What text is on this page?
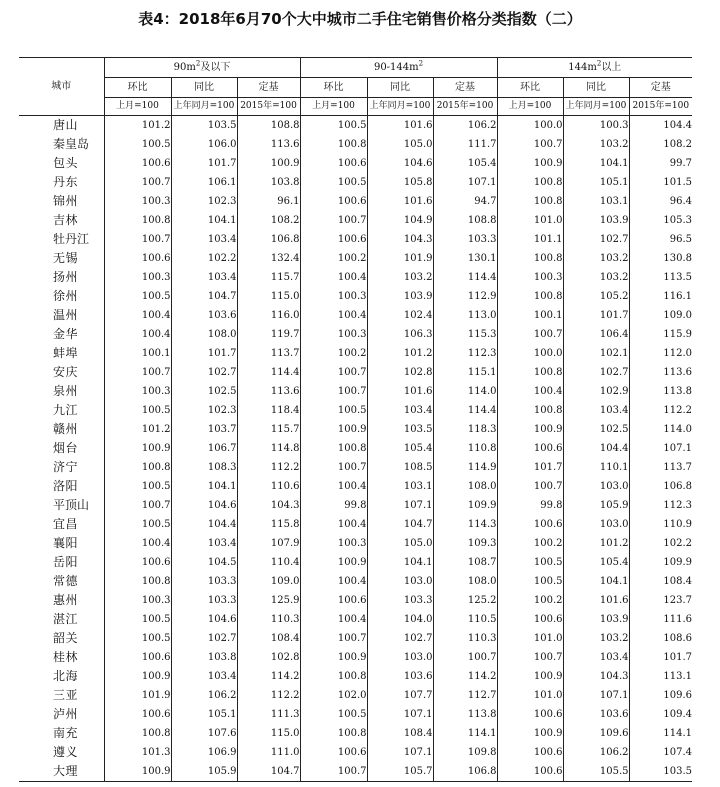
表4：2018年6月70个大中城市二手住宅销售价格分类指数（二）
城市	$90m^2$及以下			$90-144m^2$			$144m^2$以上		
	环比	同比	定基	环比	同比	定基	环比	同比	定基
	上月=100	上年同月=100	2015年=100	上月=100	上年同月=100	2015年=100	上月=100	上年同月=100	2015年=100
唐山	101.2	103.5	108.8	100.5	101.6	106.2	100.0	100.3	104.4
秦皇岛	100.5	106.0	113.6	100.8	105.0	111.7	100.7	103.2	108.2
包头	100.6	101.7	100.9	100.6	104.6	105.4	100.9	104.1	99.7
丹东	100.7	106.1	103.8	100.5	105.8	107.1	100.8	105.1	101.5
锦州	100.3	102.3	96.1	100.6	101.6	94.7	100.8	103.1	96.4
吉林	100.8	104.1	108.2	100.7	104.9	108.8	101.0	103.9	105.3
牡丹江	100.7	103.4	106.8	100.6	104.3	103.3	101.1	102.7	96.5
无锡	100.6	102.2	132.4	100.2	101.9	130.1	100.8	103.2	130.8
扬州	100.3	103.4	115.7	100.4	103.2	114.4	100.3	103.2	113.5
徐州	100.5	104.7	115.0	100.3	103.9	112.9	100.8	105.2	116.1
温州	100.4	103.6	116.0	100.4	102.4	113.0	100.1	101.7	109.0
金华	100.4	108.0	119.7	100.3	106.3	115.3	100.7	106.4	115.9
蚌埠	100.1	101.7	113.7	100.2	101.2	112.3	100.0	102.1	112.0
安庆	100.7	102.7	114.4	100.7	102.8	115.1	100.8	102.7	113.6
泉州	100.3	102.5	113.6	100.7	101.6	114.0	100.4	102.9	113.8
九江	100.5	102.3	118.4	100.5	103.4	114.4	100.8	103.4	112.2
赣州	101.2	103.7	115.7	100.9	103.5	118.3	100.9	102.5	114.0
烟台	100.9	106.7	114.8	100.8	105.4	110.8	100.6	104.4	107.1
济宁	100.8	108.3	112.2	100.7	108.5	114.9	101.7	110.1	113.7
洛阳	100.5	104.1	110.6	100.4	103.1	108.0	100.7	103.0	106.8
平顶山	100.7	104.6	104.3	99.8	107.1	109.9	99.8	105.9	112.3
宜昌	100.5	104.4	115.8	100.4	104.7	114.3	100.6	103.0	110.9
襄阳	100.4	103.4	107.9	100.3	105.0	109.3	100.2	101.2	102.2
岳阳	100.6	104.5	110.4	100.9	104.1	108.7	100.5	105.4	109.9
常德	100.8	103.3	109.0	100.4	103.0	108.0	100.5	104.1	108.4
惠州	100.3	103.3	125.9	100.6	103.3	125.2	100.2	101.6	123.7
湛江	100.5	104.6	110.3	100.4	104.0	110.5	100.6	103.9	111.6
韶关	100.5	102.7	108.4	100.7	102.7	110.3	101.0	103.2	108.6
桂林	100.6	103.8	102.8	100.9	103.0	100.7	100.7	103.4	101.7
北海	100.9	103.4	114.2	100.8	103.6	114.2	100.9	104.3	113.1
三亚	101.9	106.2	112.2	102.0	107.7	112.7	101.0	107.1	109.6
泸州	100.6	105.1	111.3	100.5	107.1	113.8	100.6	103.6	109.4
南充	100.8	107.6	115.0	100.8	108.4	114.1	100.9	109.6	114.1
遵义	101.3	106.9	111.0	100.6	107.1	109.8	100.6	106.2	107.4
大理	100.9	105.9	104.7	100.7	105.7	106.8	100.6	105.5	103.5
